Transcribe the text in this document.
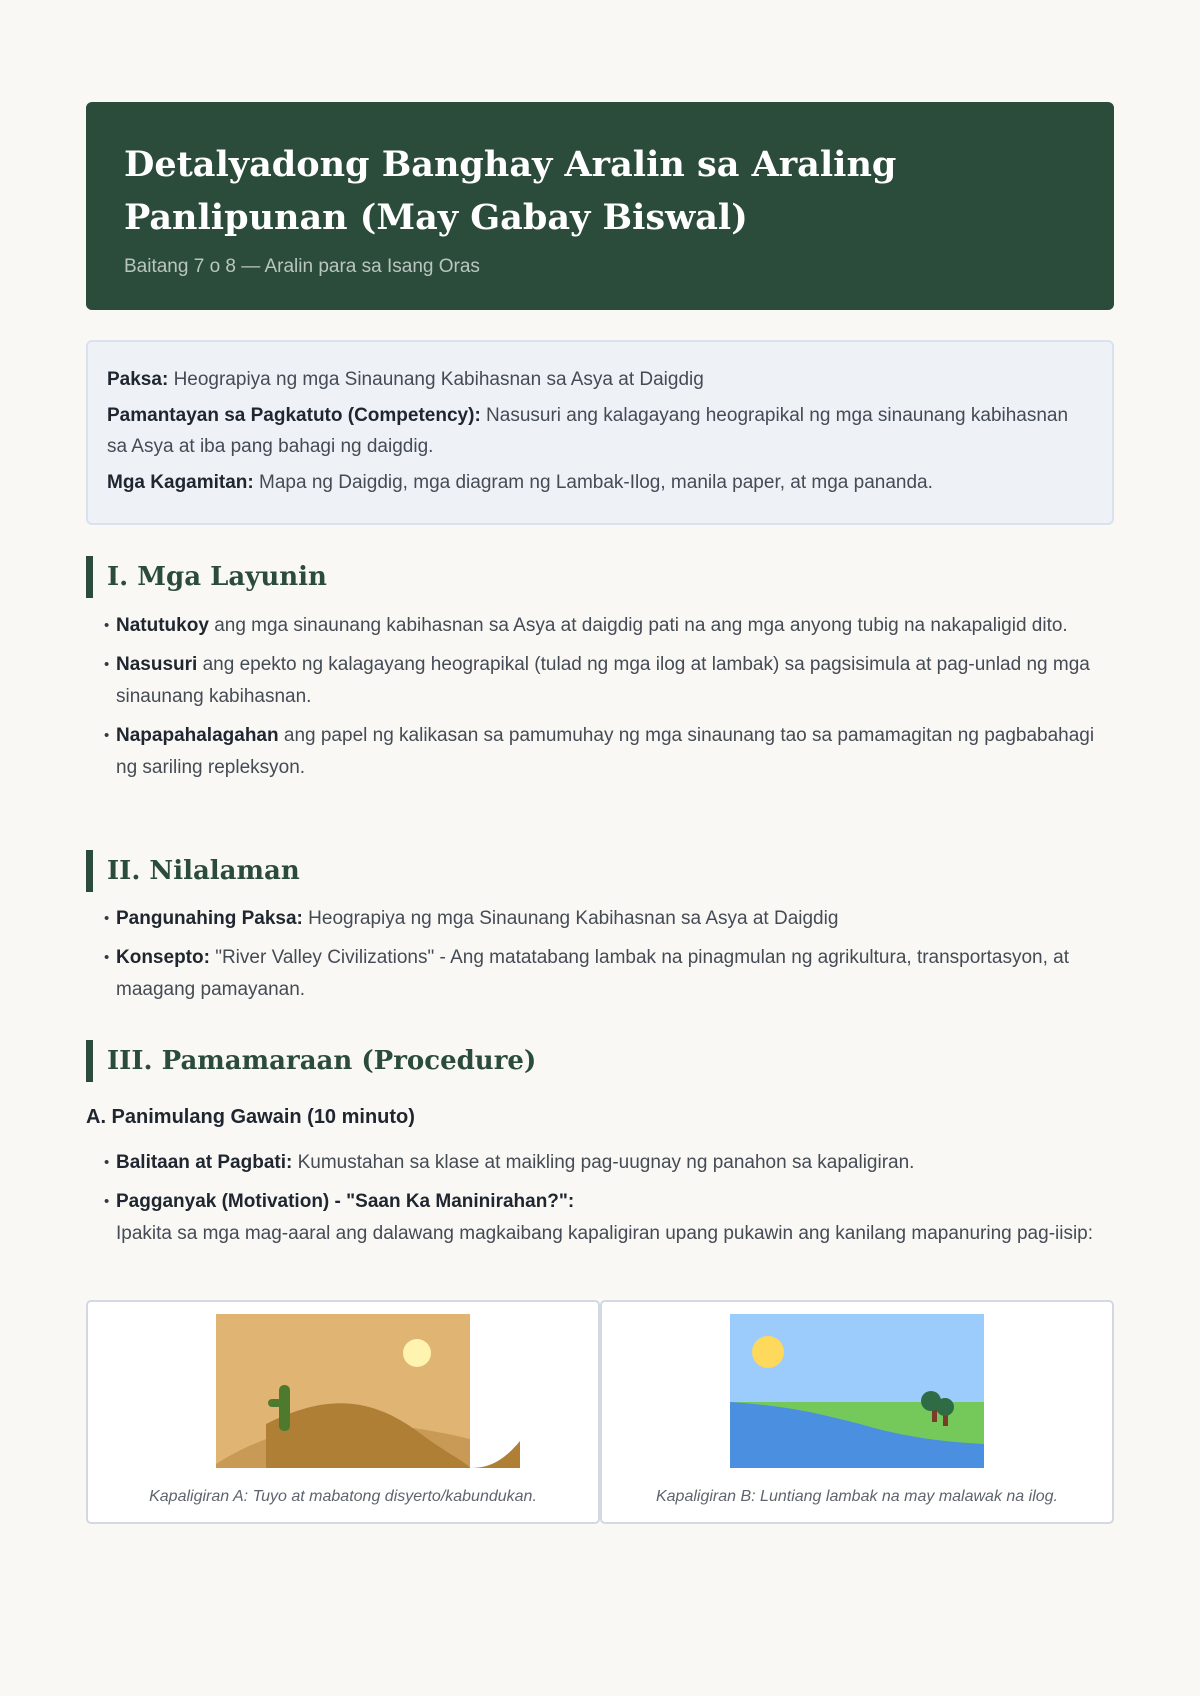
Detalyadong Banghay Aralin sa Araling Panlipunan (May Gabay Biswal)
Baitang 7 o 8 — Aralin para sa Isang Oras

Paksa: Heograpiya ng mga Sinaunang Kabihasnan sa Asya at Daigdig

Pamantayan sa Pagkatuto (Competency): Nasusuri ang kalagayang heograpikal ng mga sinaunang kabihasnan sa Asya at iba pang bahagi ng daigdig.

Mga Kagamitan: Mapa ng Daigdig, mga diagram ng Lambak-Ilog, manila paper, at mga pananda.

I. Mga Layunin
• Natutukoy ang mga sinaunang kabihasnan sa Asya at daigdig pati na ang mga anyong tubig na nakapaligid dito.
• Nasusuri ang epekto ng kalagayang heograpikal (tulad ng mga ilog at lambak) sa pagsisimula at pag-unlad ng mga sinaunang kabihasnan.
• Napapahalagahan ang papel ng kalikasan sa pamumuhay ng mga sinaunang tao sa pamamagitan ng pagbabahagi ng sariling repleksyon.
II. Nilalaman
• Pangunahing Paksa: Heograpiya ng mga Sinaunang Kabihasnan sa Asya at Daigdig
• Konsepto: "River Valley Civilizations" - Ang matatabang lambak na pinagmulan ng agrikultura, transportasyon, at maagang pamayanan.
III. Pamamaraan (Procedure)
A. Panimulang Gawain (10 minuto)
• Balitaan at Pagbati: Kumustahan sa klase at maikling pag-uugnay ng panahon sa kapaligiran.
• Pagganyak (Motivation) - "Saan Ka Maninirahan?":
Ipakita sa mga mag-aaral ang dalawang magkaibang kapaligiran upang pukawin ang kanilang mapanuring pag-iisip:
Kapaligiran A: Tuyo at mabatong disyerto/kabundukan.	Kapaligiran B: Luntiang lambak na may malawak na ilog.
